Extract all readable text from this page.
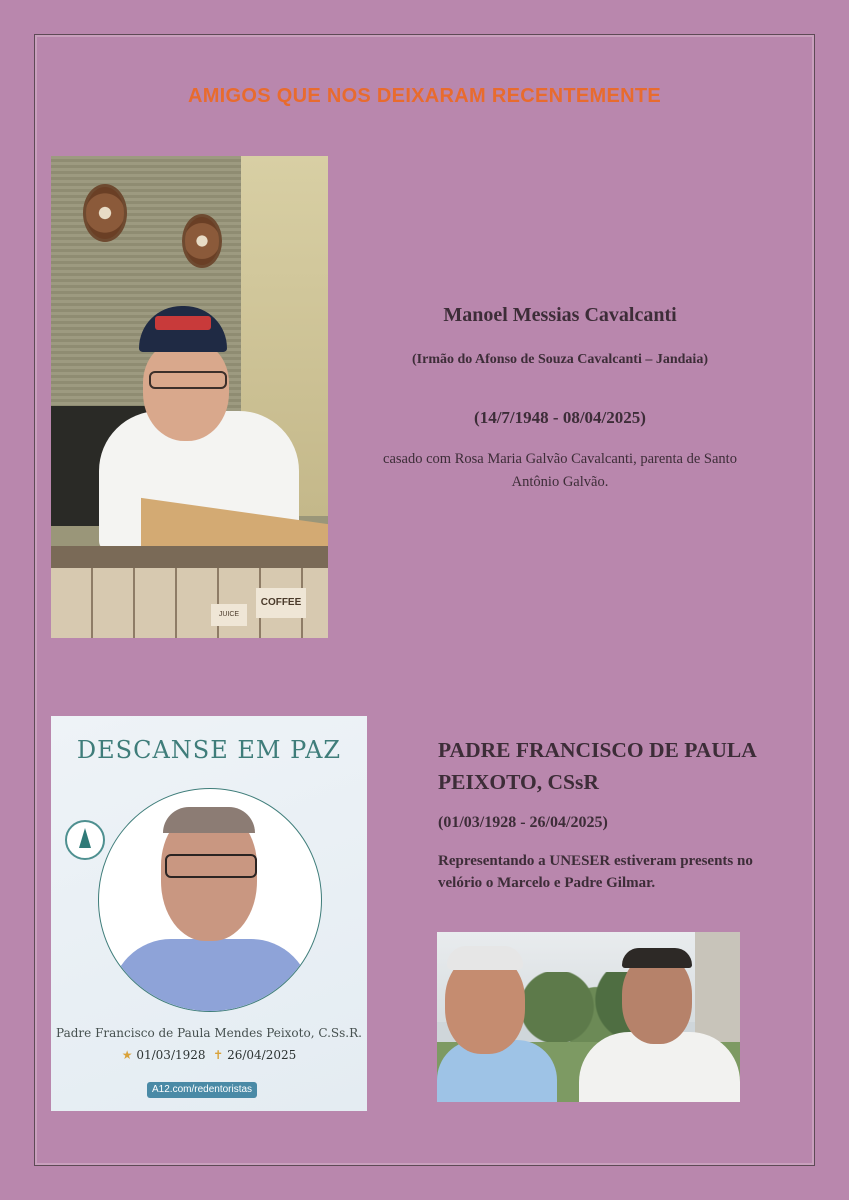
AMIGOS QUE NOS DEIXARAM RECENTEMENTE
JUICE
COFFEE
Manoel Messias Cavalcanti
(Irmão do Afonso de Souza Cavalcanti – Jandaia)
(14/7/1948 - 08/04/2025)
casado com Rosa Maria Galvão Cavalcanti, parenta de Santo Antônio Galvão.
DESCANSE EM PAZ
Padre Francisco de Paula Mendes Peixoto, C.Ss.R.
★ 01/03/1928 ✝ 26/04/2025
A12.com/redentoristas
PADRE FRANCISCO DE PAULA PEIXOTO, CSsR
(01/03/1928 - 26/04/2025)
Representando a UNESER estiveram presents no velório o Marcelo e Padre Gilmar.
